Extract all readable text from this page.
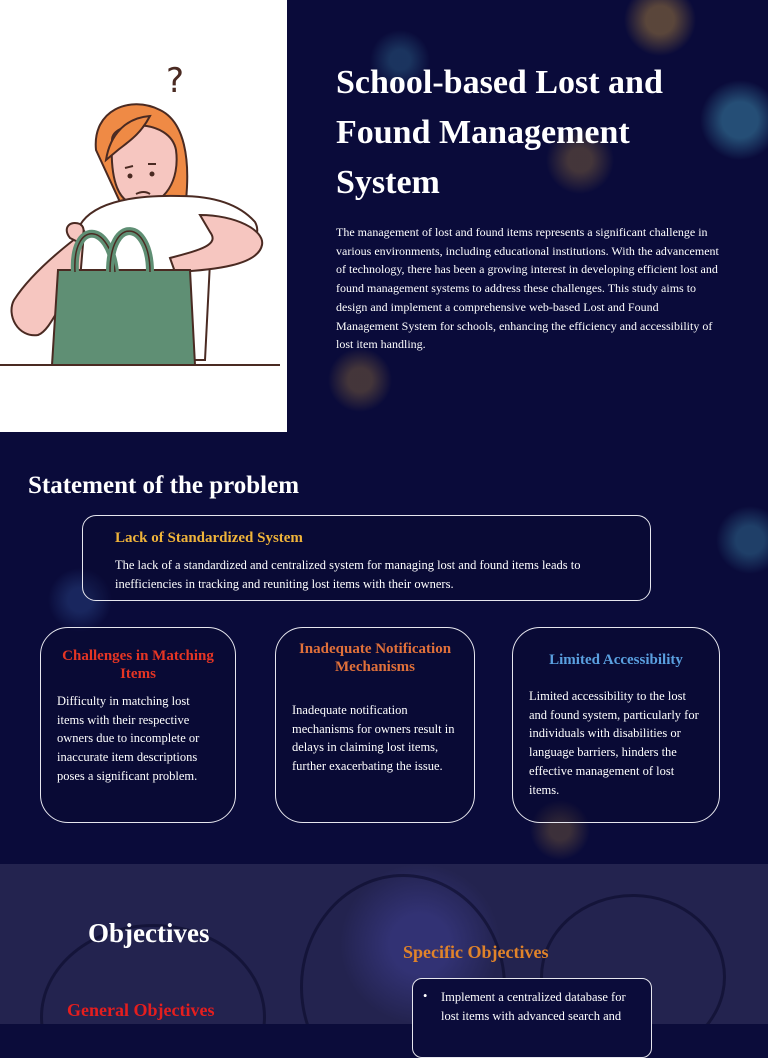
?	School-based Lost and Found Management System

The management of lost and found items represents a significant challenge in various environments, including educational institutions. With the advancement of technology, there has been a growing interest in developing efficient lost and found management systems to address these challenges. This study aims to design and implement a comprehensive web-based Lost and Found Management System for schools, enhancing the efficiency and accessibility of lost item handling.

Statement of the problem

Lack of Standardized System

The lack of a standardized and centralized system for managing lost and found items leads to inefficiencies in tracking and reuniting lost items with their owners.

Challenges in Matching Items

Difficulty in matching lost items with their respective owners due to incomplete or inaccurate item descriptions poses a significant problem.

Inadequate Notification Mechanisms

Inadequate notification mechanisms for owners result in delays in claiming lost items, further exacerbating the issue.

Limited Accessibility

Limited accessibility to the lost and found system, particularly for individuals with disabilities or language barriers, hinders the effective management of lost items.

Objectives
Specific Objectives
General Objectives
• Implement a centralized database for lost items with advanced search and
